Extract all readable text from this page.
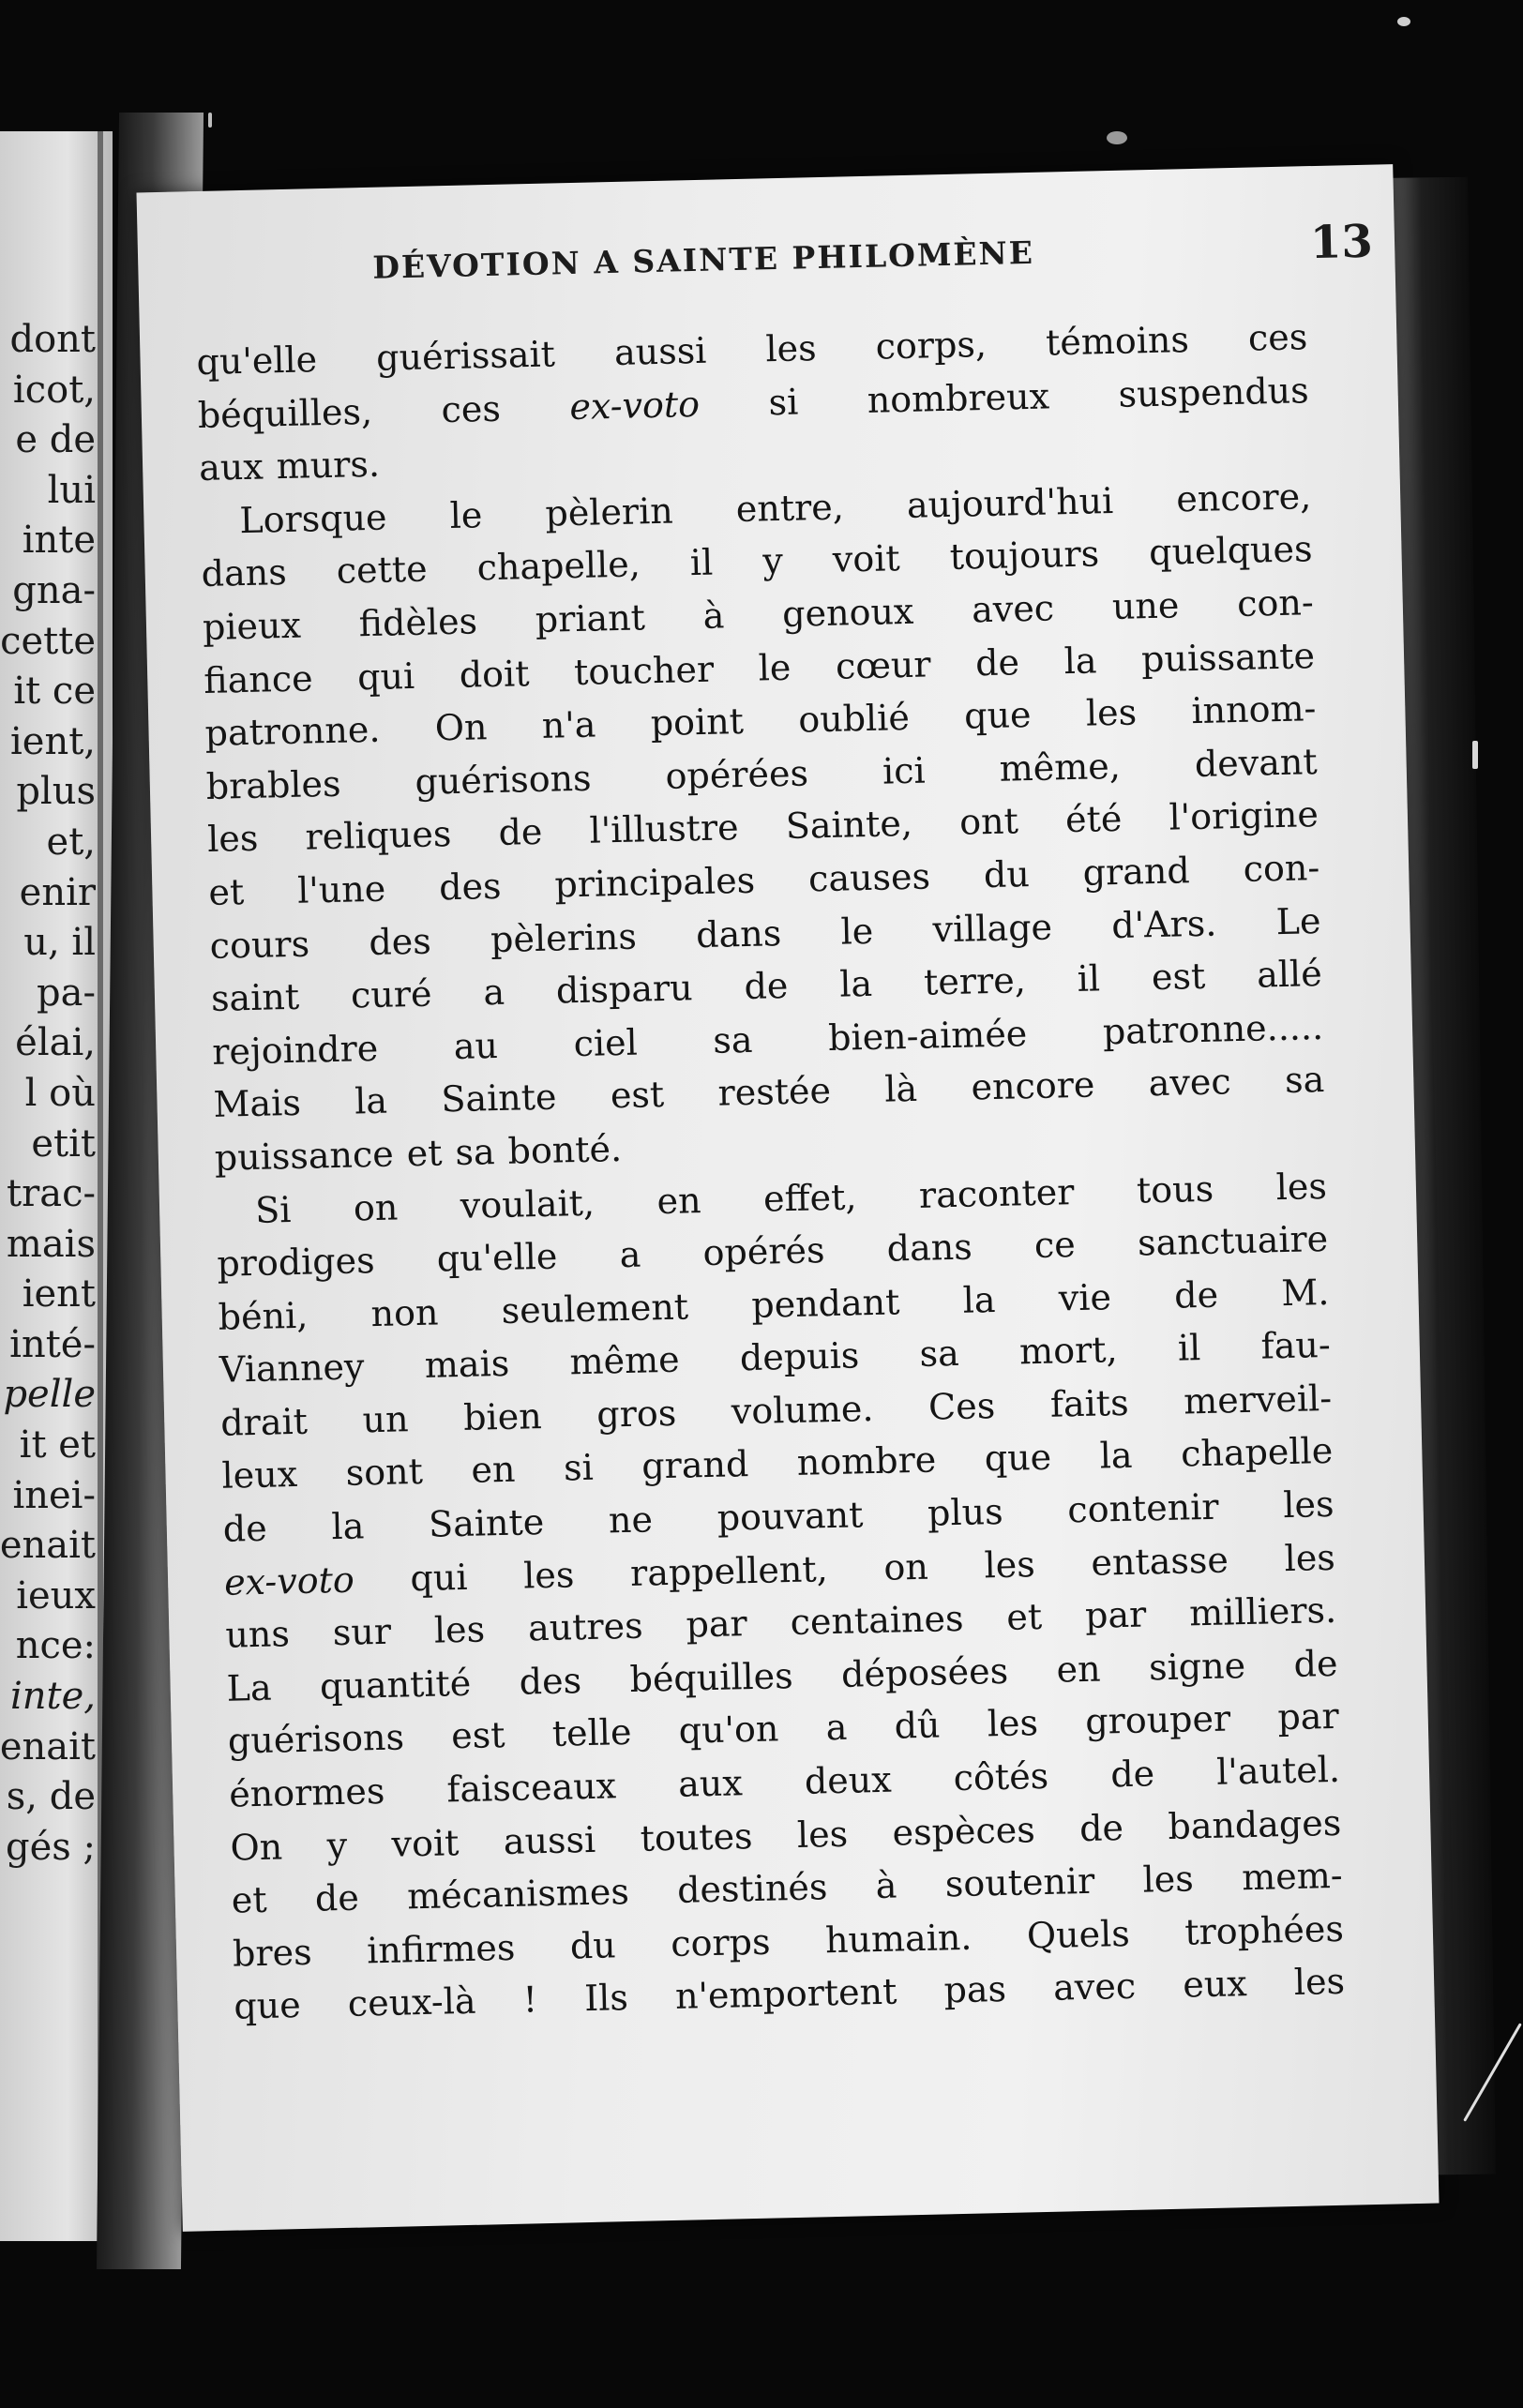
dont
icot,
e de
lui
inte
gna-
cette
it ce
ient,
plus
et,
enir
u, il
pa-
élai,
l où
etit
trac-
mais
ient
inté-
pelle
it et
inei-
enait
ieux
nce:
inte,
enait
s, de
gés ;
DÉVOTION A SAINTE PHILOMÈNE	13
qu'elle guérissait aussi les corps, témoins ces
béquilles, ces ex-voto si nombreux suspendus
aux murs.
Lorsque le pèlerin entre, aujourd'hui encore,
dans cette chapelle, il y voit toujours quelques
pieux fidèles priant à genoux avec une con-
fiance qui doit toucher le cœur de la puissante
patronne. On n'a point oublié que les innom-
brables guérisons opérées ici même, devant
les reliques de l'illustre Sainte, ont été l'origine
et l'une des principales causes du grand con-
cours des pèlerins dans le village d'Ars. Le
saint curé a disparu de la terre, il est allé
rejoindre au ciel sa bien-aimée patronne.....
Mais la Sainte est restée là encore avec sa
puissance et sa bonté.
Si on voulait, en effet, raconter tous les
prodiges qu'elle a opérés dans ce sanctuaire
béni, non seulement pendant la vie de M.
Vianney mais même depuis sa mort, il fau-
drait un bien gros volume. Ces faits merveil-
leux sont en si grand nombre que la chapelle
de la Sainte ne pouvant plus contenir les
ex-voto qui les rappellent, on les entasse les
uns sur les autres par centaines et par milliers.
La quantité des béquilles déposées en signe de
guérisons est telle qu'on a dû les grouper par
énormes faisceaux aux deux côtés de l'autel.
On y voit aussi toutes les espèces de bandages
et de mécanismes destinés à soutenir les mem-
bres infirmes du corps humain. Quels trophées
que ceux-là ! Ils n'emportent pas avec eux les
